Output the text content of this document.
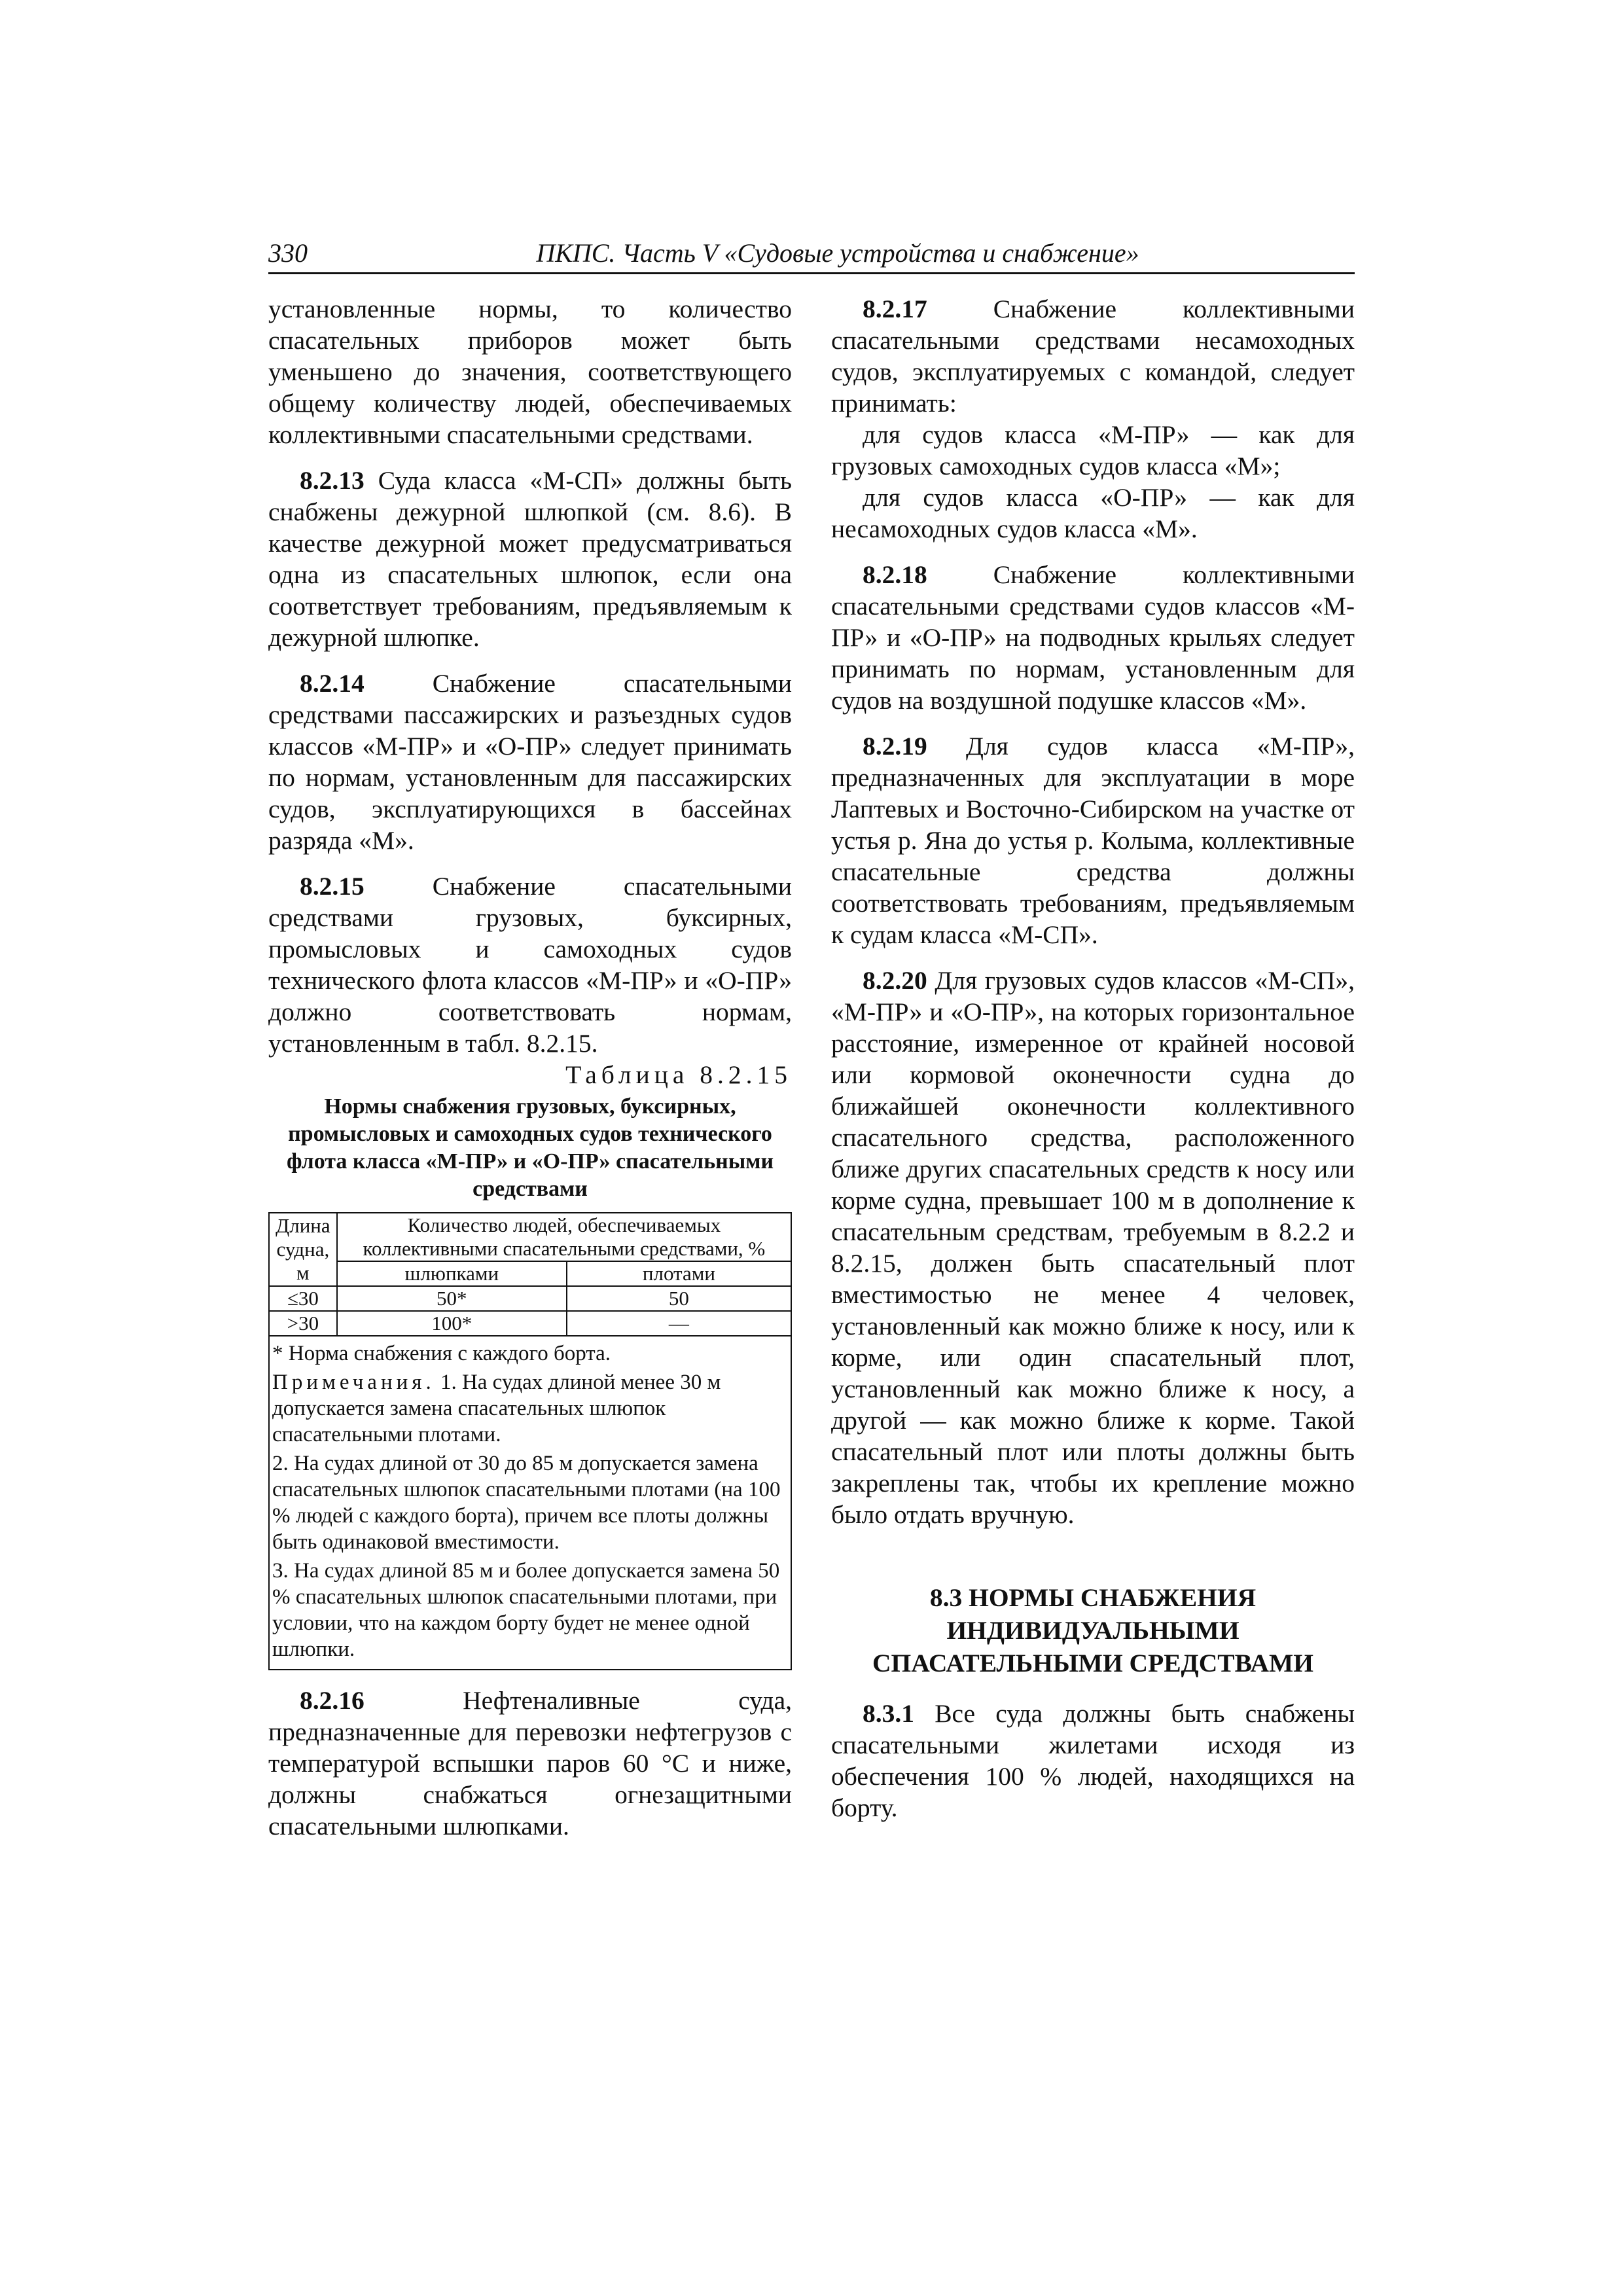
330	ПКПС. Часть V «Судовые устройства и снабжение»

установленные нормы, то количество спасательных приборов может быть уменьшено до значения, соответствующего общему количеству людей, обеспечиваемых коллективными спасательными средствами.

8.2.13 Суда класса «М-СП» должны быть снабжены дежурной шлюпкой (см. 8.6). В качестве дежурной может предусматриваться одна из спасательных шлюпок, если она соответствует требованиям, предъявляемым к дежурной шлюпке.

8.2.14 Снабжение спасательными средствами пассажирских и разъездных судов классов «М-ПР» и «О-ПР» следует принимать по нормам, установленным для пассажирских судов, эксплуатирующихся в бассейнах разряда «М».

8.2.15 Снабжение спасательными средствами грузовых, буксирных, промысловых и самоходных судов технического флота классов «М-ПР» и «О-ПР» должно соответствовать нормам, установленным в табл. 8.2.15.

Таблица 8.2.15
Нормы снабжения грузовых, буксирных, промысловых и самоходных судов технического флота класса «М-ПР» и «О-ПР» спасательными средствами
Длина судна, м	Количество людей, обеспечиваемых коллективными спасательными средствами, %	
	шлюпками	плотами
≤30	50*	50
>30	100*	—

* Норма снабжения с каждого борта.
Примечания. 1. На судах длиной менее 30 м допускается замена спасательных шлюпок спасательными плотами.
2. На судах длиной от 30 до 85 м допускается замена спасательных шлюпок спасательными плотами (на 100 % людей с каждого борта), причем все плоты должны быть одинаковой вместимости.
3. На судах длиной 85 м и более допускается замена 50 % спасательных шлюпок спасательными плотами, при условии, что на каждом борту будет не менее одной шлюпки.		

8.2.16 Нефтеналивные суда, предназначенные для перевозки нефтегрузов с температурой вспышки паров 60 °С и ниже, должны снабжаться огнезащитными спасательными шлюпками.

8.2.17 Снабжение коллективными спасательными средствами несамоходных судов, эксплуатируемых с командой, следует принимать:

для судов класса «М-ПР» — как для грузовых самоходных судов класса «М»;

для судов класса «О-ПР» — как для несамоходных судов класса «М».

8.2.18 Снабжение коллективными спасательными средствами судов классов «М-ПР» и «О-ПР» на подводных крыльях следует принимать по нормам, установленным для судов на воздушной подушке классов «М».

8.2.19 Для судов класса «М-ПР», предназначенных для эксплуатации в море Лаптевых и Восточно-Сибирском на участке от устья р. Яна до устья р. Колыма, коллективные спасательные средства должны соответствовать требованиям, предъявляемым к судам класса «М-СП».

8.2.20 Для грузовых судов классов «М-СП», «М-ПР» и «О-ПР», на которых горизонтальное расстояние, измеренное от крайней носовой или кормовой оконечности судна до ближайшей оконечности коллективного спасательного средства, расположенного ближе других спасательных средств к носу или корме судна, превышает 100 м в дополнение к спасательным средствам, требуемым в 8.2.2 и 8.2.15, должен быть спасательный плот вместимостью не менее 4 человек, установленный как можно ближе к носу, или к корме, или один спасательный плот, установленный как можно ближе к носу, а другой — как можно ближе к корме. Такой спасательный плот или плоты должны быть закреплены так, чтобы их крепление можно было отдать вручную.

8.3 НОРМЫ СНАБЖЕНИЯ
ИНДИВИДУАЛЬНЫМИ
СПАСАТЕЛЬНЫМИ СРЕДСТВАМИ

8.3.1 Все суда должны быть снабжены спасательными жилетами исходя из обеспечения 100 % людей, находящихся на борту.
